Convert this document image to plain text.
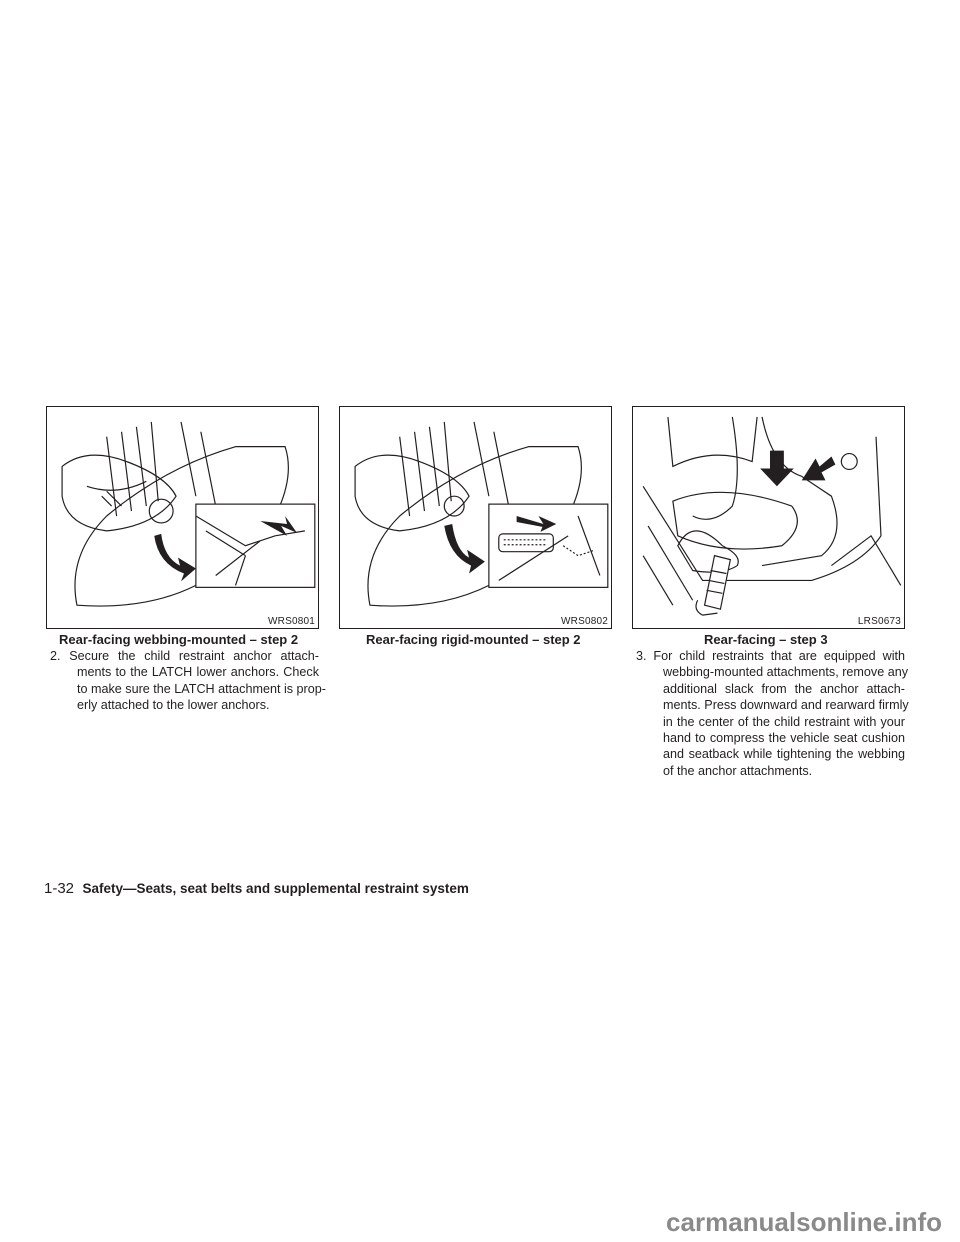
WRS0801	WRS0802	LRS0673
Rear-facing webbing-mounted – step 2	Rear-facing rigid-mounted – step 2	Rear-facing – step 3
2. Secure the child restraint anchor attach-
ments to the LATCH lower anchors. Check
to make sure the LATCH attachment is prop-
erly attached to the lower anchors.
3. For child restraints that are equipped with
webbing-mounted attachments, remove any
additional slack from the anchor attach-
ments. Press downward and rearward firmly
in the center of the child restraint with your
hand to compress the vehicle seat cushion
and seatback while tightening the webbing
of the anchor attachments.
1-32 Safety—Seats, seat belts and supplemental restraint system
carmanualsonline.info
